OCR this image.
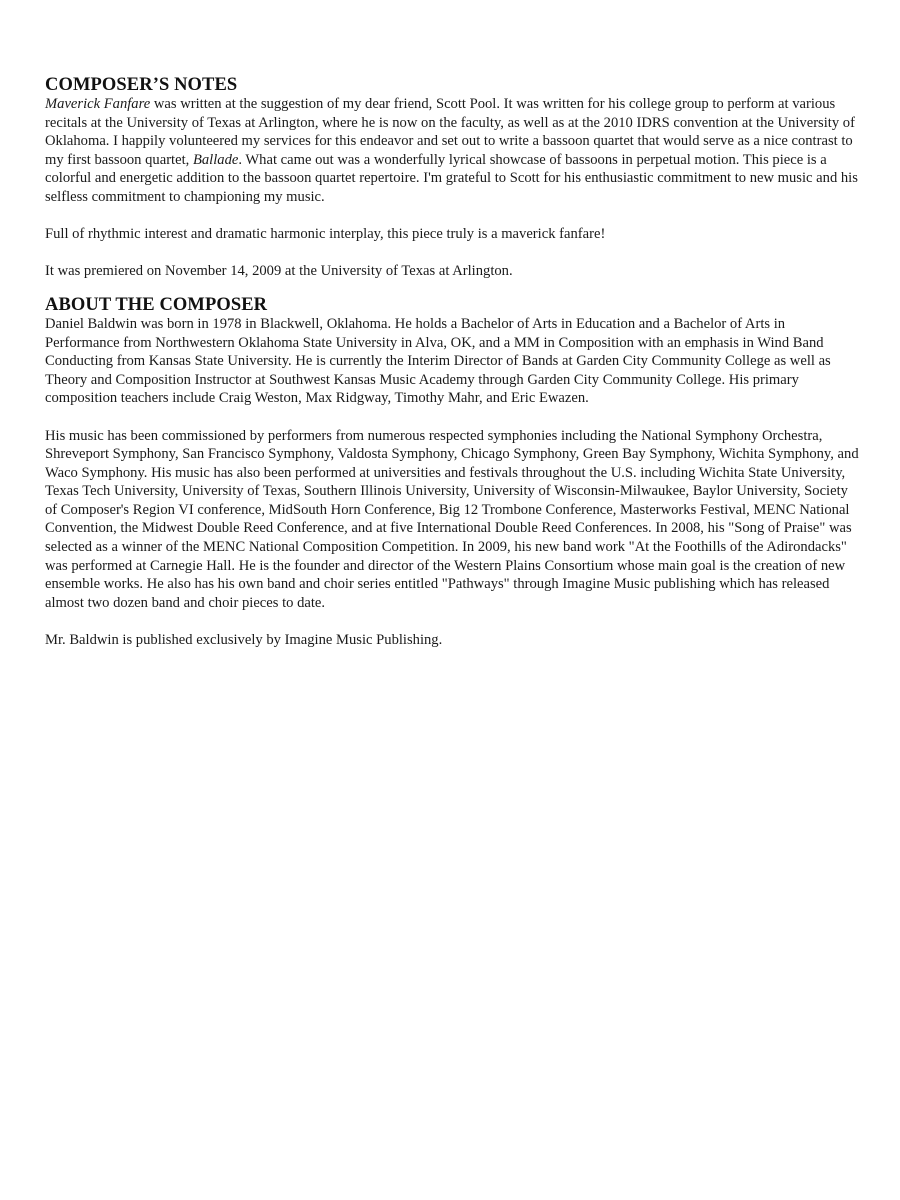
COMPOSER’S NOTES

Maverick Fanfare was written at the suggestion of my dear friend, Scott Pool. It was written for his college group to perform at various recitals at the University of Texas at Arlington, where he is now on the faculty, as well as at the 2010 IDRS convention at the University of Oklahoma. I happily volunteered my services for this endeavor and set out to write a bassoon quartet that would serve as a nice contrast to my first bassoon quartet, Ballade. What came out was a wonderfully lyrical showcase of bassoons in perpetual motion. This piece is a colorful and energetic addition to the bassoon quartet repertoire. I'm grateful to Scott for his enthusiastic commitment to new music and his selfless commitment to championing my music.

Full of rhythmic interest and dramatic harmonic interplay, this piece truly is a maverick fanfare!

It was premiered on November 14, 2009 at the University of Texas at Arlington.

ABOUT THE COMPOSER

Daniel Baldwin was born in 1978 in Blackwell, Oklahoma. He holds a Bachelor of Arts in Education and a Bachelor of Arts in Performance from Northwestern Oklahoma State University in Alva, OK, and a MM in Composition with an emphasis in Wind Band Conducting from Kansas State University. He is currently the Interim Director of Bands at Garden City Community College as well as Theory and Composition Instructor at Southwest Kansas Music Academy through Garden City Community College. His primary composition teachers include Craig Weston, Max Ridgway, Timothy Mahr, and Eric Ewazen.

His music has been commissioned by performers from numerous respected symphonies including the National Symphony Orchestra, Shreveport Symphony, San Francisco Symphony, Valdosta Symphony, Chicago Symphony, Green Bay Symphony, Wichita Symphony, and Waco Symphony. His music has also been performed at universities and festivals throughout the U.S. including Wichita State University, Texas Tech University, University of Texas, Southern Illinois University, University of Wisconsin-Milwaukee, Baylor University, Society of Composer's Region VI conference, MidSouth Horn Conference, Big 12 Trombone Conference, Masterworks Festival, MENC National Convention, the Midwest Double Reed Conference, and at five International Double Reed Conferences. In 2008, his "Song of Praise" was selected as a winner of the MENC National Composition Competition. In 2009, his new band work "At the Foothills of the Adirondacks" was performed at Carnegie Hall. He is the founder and director of the Western Plains Consortium whose main goal is the creation of new ensemble works. He also has his own band and choir series entitled "Pathways" through Imagine Music publishing which has released almost two dozen band and choir pieces to date.

Mr. Baldwin is published exclusively by Imagine Music Publishing.
